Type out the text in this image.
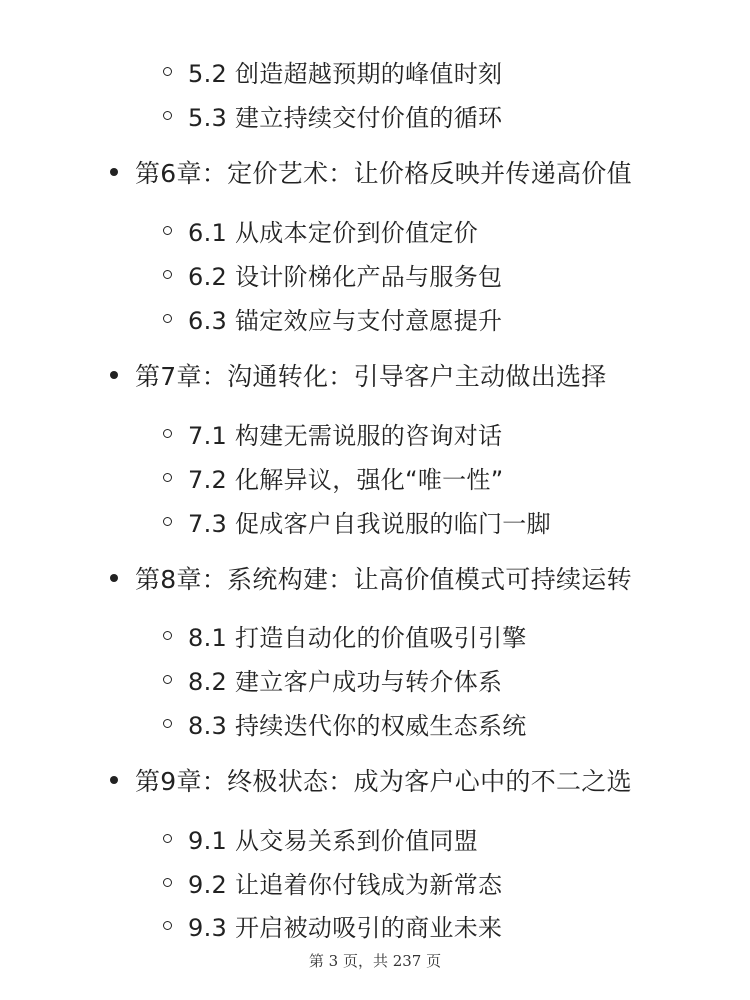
5.2 创造超越预期的峰值时刻
5.3 建立持续交付价值的循环
第6章：定价艺术：让价格反映并传递高价值
6.1 从成本定价到价值定价
6.2 设计阶梯化产品与服务包
6.3 锚定效应与支付意愿提升
第7章：沟通转化：引导客户主动做出选择
7.1 构建无需说服的咨询对话
7.2 化解异议，强化“唯一性”
7.3 促成客户自我说服的临门一脚
第8章：系统构建：让高价值模式可持续运转
8.1 打造自动化的价值吸引引擎
8.2 建立客户成功与转介体系
8.3 持续迭代你的权威生态系统
第9章：终极状态：成为客户心中的不二之选
9.1 从交易关系到价值同盟
9.2 让追着你付钱成为新常态
9.3 开启被动吸引的商业未来
第 3 页，共 237 页
